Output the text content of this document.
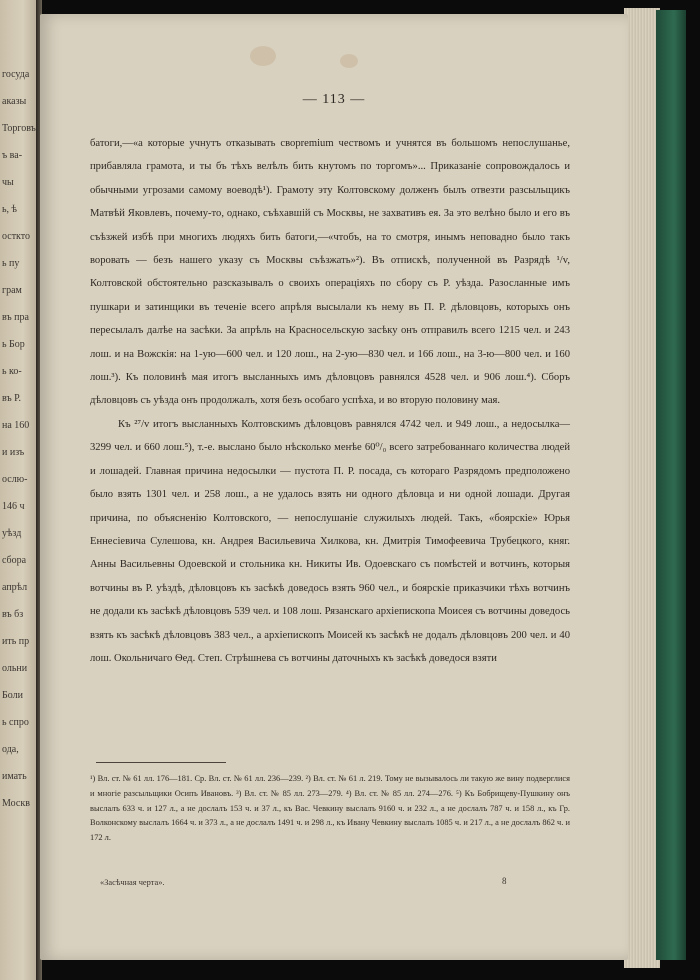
госуда
аказы
Торговъ
ъ ва-
чы
ь, ѣ
осткто
ь пу
грам
въ пра
ь Бор
ь ко-
въ Р.
на 160
и изъ
ослю-
146 ч
уѣзд
сбора
апрѣл
въ бз
ить пр
ольни
Боли
ь спро
ода,
имать
Москв
— 113 —

батоги,—«а которые учнутъ отказывать своpremium чествомъ и учнятся въ большомъ непослушанье, прибавляла грамота, и ты бъ тѣхъ велѣлъ бить кнутомъ по торгомъ»... Приказаніе сопровождалось и обычными угрозами самому воеводѣ¹). Грамоту эту Колтовскому долженъ былъ отвезти разсыльщикъ Матвѣй Яковлевъ, почему-то, однако, съѣхавшій съ Москвы, не захвативъ ея. За это велѣно было и его въ съѣзжей избѣ при многихъ людяхъ бить батоги,—«чтобъ, на то смотря, инымъ неповадно было такъ воровать — безъ нашего указу съ Москвы съѣзжать»²). Въ отпискѣ, полученной въ Разрядѣ ¹/v, Колтовской обстоятельно разсказывалъ о своихъ операціяхъ по сбору съ Р. уѣзда. Разосланные имъ пушкари и затинщики въ теченіе всего апрѣля высылали къ нему въ П. Р. дѣловцовъ, которыхъ онъ пересылалъ далѣе на засѣки. За апрѣль на Красносельскую засѣку онъ отправилъ всего 1215 чел. и 243 лош. и на Вожскія: на 1-ую—600 чел. и 120 лош., на 2-ую—830 чел. и 166 лош., на 3-ю—800 чел. и 160 лош.³). Къ половинѣ мая итогъ высланныхъ имъ дѣловцовъ равнялся 4528 чел. и 906 лош.⁴). Сборъ дѣловцовъ съ уѣзда онъ продолжалъ, хотя безъ особаго успѣха, и во вторую половину мая.

Къ ²⁷/v итогъ высланныхъ Колтовскимъ дѣловцовъ равнялся 4742 чел. и 949 лош., а недосылка—3299 чел. и 660 лош.⁵), т.-е. выслано было нѣсколько менѣе 60⁰/₀ всего затребованнаго количества людей и лошадей. Главная причина недосылки — пустота П. Р. посада, съ котораго Разрядомъ предположено было взять 1301 чел. и 258 лош., а не удалось взять ни одного дѣловца и ни одной лошади. Другая причина, по объясненію Колтовского, — непослушаніе служилыхъ людей. Такъ, «боярскіе» Юрья Еннесіевича Сулешова, кн. Андрея Васильевича Хилкова, кн. Дмитрія Тимофеевича Трубецкого, княг. Анны Васильевны Одоевской и стольника кн. Никиты Ив. Одоевскаго съ помѣстей и вотчинъ, которыя вотчины въ Р. уѣздѣ, дѣловцовъ къ засѣкѣ доведось взять 960 чел., и боярскіе приказчики тѣхъ вотчинъ не додали къ засѣкѣ дѣловцовъ 539 чел. и 108 лош. Рязанскаго архіепископа Моисея съ вотчины доведось взять къ засѣкѣ дѣловцовъ 383 чел., а архіепископъ Моисей къ засѣкѣ не додалъ дѣловцовъ 200 чел. и 40 лош. Окольничаго Ѳед. Степ. Стрѣшнева съ вотчины даточныхъ къ засѣкѣ доведося взяти

¹) Вл. ст. № 61 лл. 176—181. Ср. Вл. ст. № 61 лл. 236—239. ²) Вл. ст. № 61 л. 219. Тому не вызывалось ли такую же вину подверглися и многіе разсыльщики Осипъ Ивановъ. ³) Вл. ст. № 85 лл. 273—279. ⁴) Вл. ст. № 85 лл. 274—276. ⁵) Къ Бобрищеву-Пушкину онъ выслалъ 633 ч. и 127 л., а не дослалъ 153 ч. и 37 л., къ Вас. Чевкину выслалъ 9160 ч. и 232 л., а не дослалъ 787 ч. и 158 л., къ Гр. Волконскому выслалъ 1664 ч. и 373 л., а не дослалъ 1491 ч. и 298 л., къ Ивану Чевкину выслалъ 1085 ч. и 217 л., а не дослалъ 862 ч. и 172 л.

«Засѣчная черта».	8
